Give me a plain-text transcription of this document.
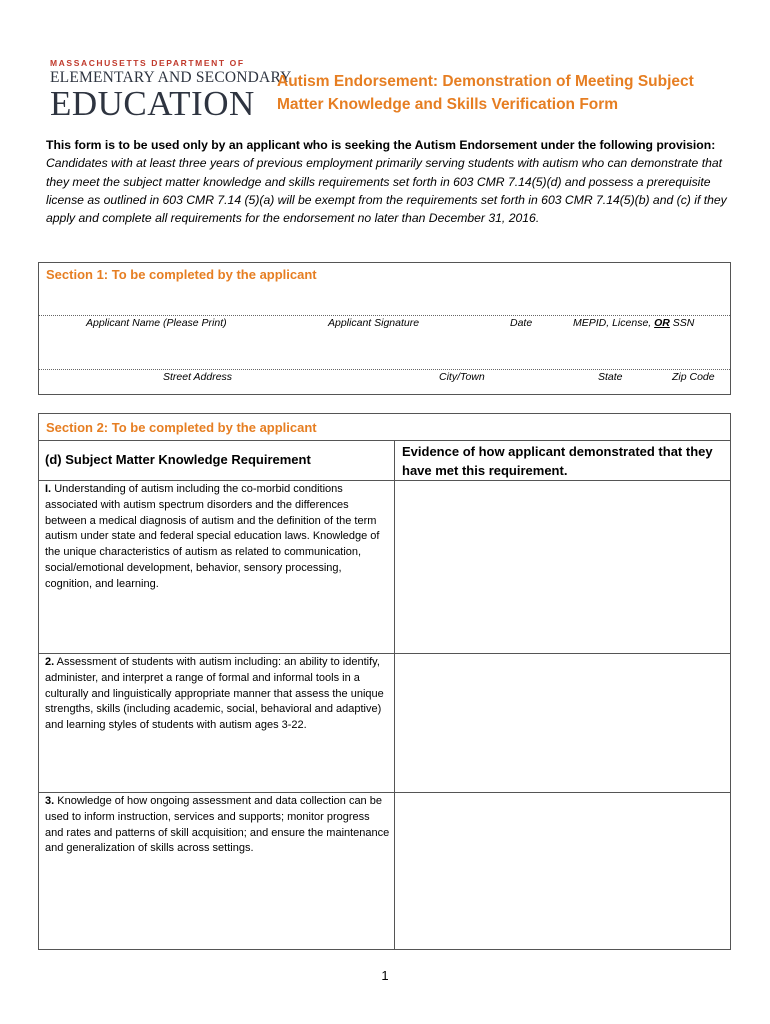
MASSACHUSETTS DEPARTMENT OF
ELEMENTARY AND SECONDARY
EDUCATION
Autism Endorsement: Demonstration of Meeting Subject
Matter Knowledge and Skills Verification Form
This form is to be used only by an applicant who is seeking the Autism Endorsement under the following provision:
Candidates with at least three years of previous employment primarily serving students with autism who can demonstrate that they meet the subject matter knowledge and skills requirements set forth in 603 CMR 7.14(5)(d) and possess a prerequisite license as outlined in 603 CMR 7.14 (5)(a) will be exempt from the requirements set forth in 603 CMR 7.14(5)(b) and (c) if they apply and complete all requirements for the endorsement no later than December 31, 2016.
Section 1: To be completed by the applicant
Applicant Name (Please Print)	Applicant Signature	Date	MEPID, License, OR SSN
Street Address	City/Town	State	Zip Code
Section 2: To be completed by the applicant
(d) Subject Matter Knowledge Requirement
Evidence of how applicant demonstrated that they have met this requirement.
I. Understanding of autism including the co-morbid conditions associated with autism spectrum disorders and the differences between a medical diagnosis of autism and the definition of the term autism under state and federal special education laws. Knowledge of the unique characteristics of autism as related to communication, social/emotional development, behavior, sensory processing, cognition, and learning.
2. Assessment of students with autism including: an ability to identify, administer, and interpret a range of formal and informal tools in a culturally and linguistically appropriate manner that assess the unique strengths, skills (including academic, social, behavioral and adaptive) and learning styles of students with autism ages 3-22.
3. Knowledge of how ongoing assessment and data collection can be used to inform instruction, services and supports; monitor progress and rates and patterns of skill acquisition; and ensure the maintenance and generalization of skills across settings.
1
